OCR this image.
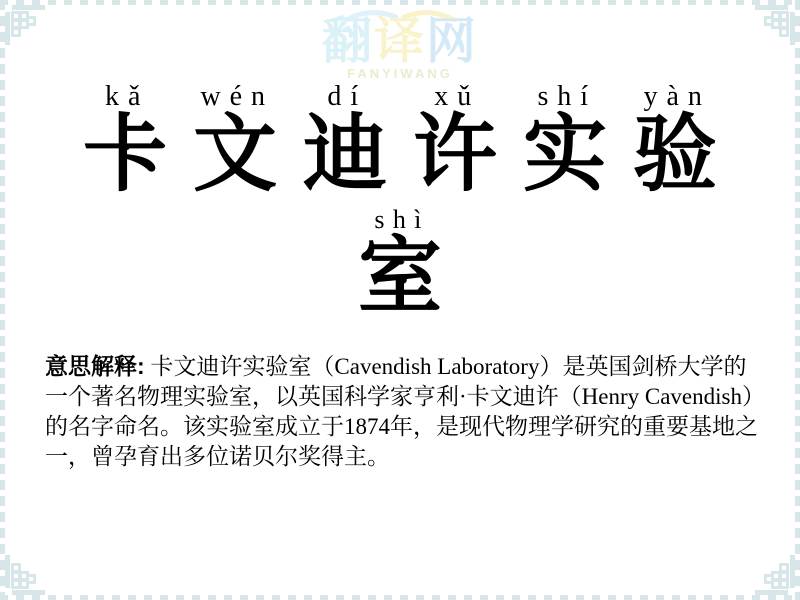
翻译网
FANYIWANG
kǎ
卡
wén
文
dí
迪
xǔ
许
shí
实
yàn
验
shì
室

意思解释: 卡文迪许实验室（Cavendish Laboratory）是英国剑桥大学的一个著名物理实验室，以英国科学家亨利·卡文迪许（Henry Cavendish）的名字命名。该实验室成立于1874年，是现代物理学研究的重要基地之一，曾孕育出多位诺贝尔奖得主。
